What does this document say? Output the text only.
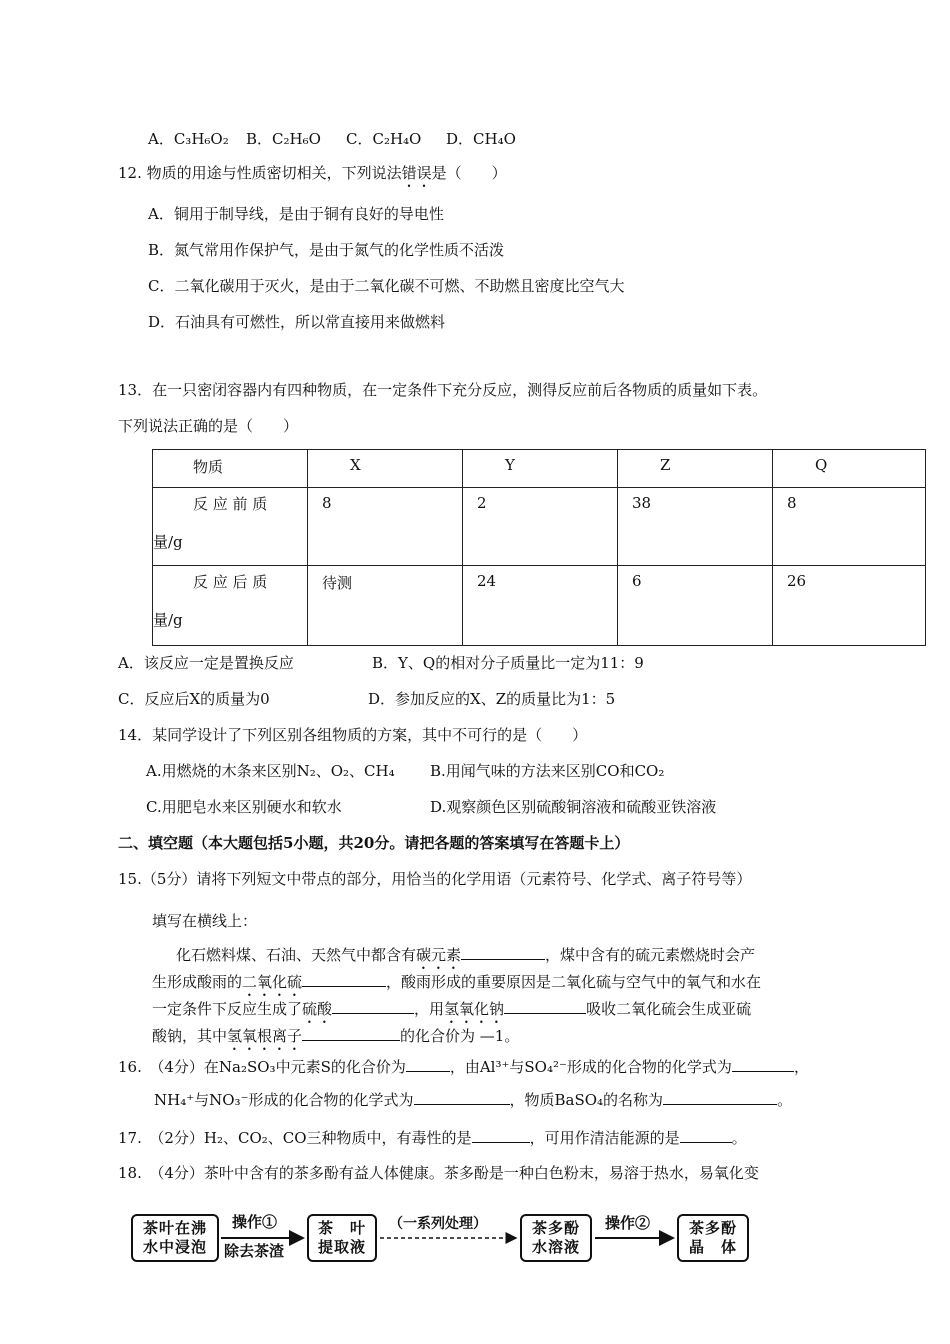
A．C₃H₆O₂ B．C₂H₆O C．C₂H₄O D．CH₄O
12. 物质的用途与性质密切相关，下列说法错误是（　　）
A．铜用于制导线，是由于铜有良好的导电性
B．氮气常用作保护气，是由于氮气的化学性质不活泼
C．二氧化碳用于灭火，是由于二氧化碳不可燃、不助燃且密度比空气大
D．石油具有可燃性，所以常直接用来做燃料
13．在一只密闭容器内有四种物质，在一定条件下充分反应，测得反应前后各物质的质量如下表。
下列说法正确的是（　　）
物质	X	Y	Z	Q

反 应 前 质
量/g	8	2	38	8

反 应 后 质
量/g	待测	24	6	26
A．该反应一定是置换反应	B．Y、Q的相对分子质量比一定为11：9
C．反应后X的质量为0	D．参加反应的X、Z的质量比为1：5
14．某同学设计了下列区别各组物质的方案，其中不可行的是（　　）
A.用燃烧的木条来区别N₂、O₂、CH₄ B.用闻气味的方法来区别CO和CO₂
C.用肥皂水来区别硬水和软水	D.观察颜色区别硫酸铜溶液和硫酸亚铁溶液
二、填空题（本大题包括5小题，共20分。请把各题的答案填写在答题卡上）
15.（5分）请将下列短文中带点的部分，用恰当的化学用语（元素符号、化学式、离子符号等）
填写在横线上：
化石燃料煤、石油、天然气中都含有碳元素	，煤中含有的硫元素燃烧时会产
生形成酸雨的二氧化硫	，酸雨形成的重要原因是二氧化硫与空气中的氧气和水在
一定条件下反应生成了硫酸	，用氢氧化钠	吸收二氧化硫会生成亚硫
酸钠，其中氢氧根离子	的化合价为 —1。
16.　（4分）在Na₂SO₃中元素S的化合价为	，由Al³⁺与SO₄²⁻形成的化合物的化学式为	，
NH₄⁺与NO₃⁻形成的化合物的化学式为	，物质BaSO₄的名称为	。
17.　（2分）H₂、CO₂、CO三种物质中，有毒性的是	，可用作清洁能源的是	。
18.　（4分）茶叶中含有的茶多酚有益人体健康。茶多酚是一种白色粉末，易溶于热水，易氧化变
茶叶在沸
水中浸泡
操作①
除去茶渣
茶　叶
提取液
（一系列处理）	茶多酚
水溶液
操作②	茶多酚
晶　体
